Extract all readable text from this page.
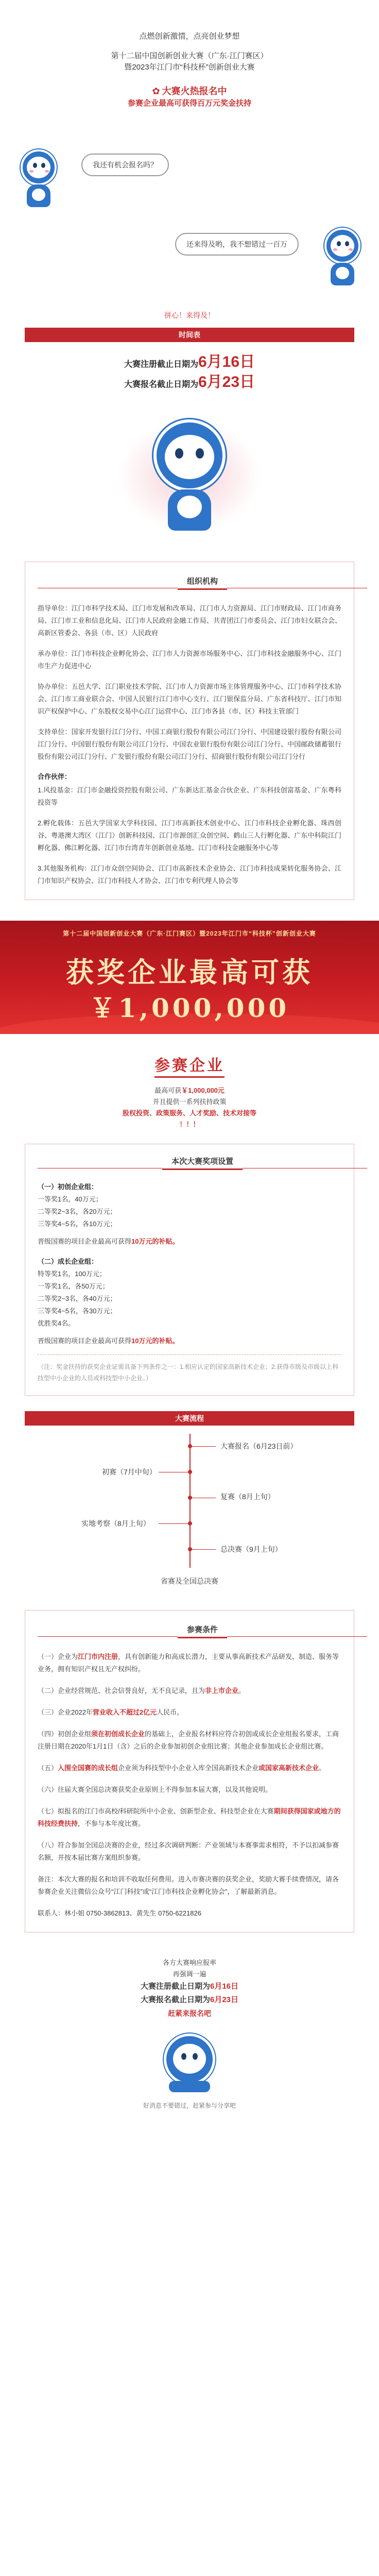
点燃创新激情，点亮创业梦想
第十二届中国创新创业大赛（广东·江门赛区）
暨2023年江门市“科技杯”创新创业大赛
✿ 大赛火热报名中
参赛企业最高可获得百万元奖金扶持
我还有机会报名吗？
还来得及哟，我不想错过一百万
拼心！来得及！
时间表
大赛注册截止日期为6月16日
大赛报名截止日期为6月23日
组织机构

指导单位：江门市科学技术局、江门市发展和改革局、江门市人力资源局、江门市财政局、江门市商务局、江门市工业和信息化局、江门市人民政府金融工作局、共青团江门市委员会、江门市妇女联合会、高新区管委会、各县（市、区）人民政府

承办单位：江门市科技企业孵化协会、江门市人力资源市场服务中心、江门市科技金融服务中心、江门市生产力促进中心

协办单位：五邑大学、江门职业技术学院、江门市人力资源市场主体管理服务中心、江门市科学技术协会、江门市工商业联合会、中国人民银行江门市中心支行、江门银保监分局、广东省科技厅、江门市知识产权保护中心、广东股权交易中心江门运营中心、江门市各县（市、区）科技主管部门

支持单位：国家开发银行江门分行、中国工商银行股份有限公司江门分行、中国建设银行股份有限公司江门分行、中国银行股份有限公司江门分行、中国农业银行股份有限公司江门分行、中国邮政储蓄银行股份有限公司江门分行、广发银行股份有限公司江门分行、招商银行股份有限公司江门分行

合作伙伴：

1.风投基金：江门市金融投资控股有限公司、广东新达汇基金合伙企业、广东科技创富基金、广东粤科投资等

2.孵化载体：五邑大学国家大学科技园、江门市高新技术创业中心、江门市科技企业孵化器、珠西创谷、粤港澳大湾区（江门）创新科技园、江门市源创汇众创空间、鹤山三人行孵化器、广东中科院江门孵化器、佛江孵化器、江门市台湾青年创新创业基地、江门市科技金融服务中心等

3.其他服务机构：江门市众创空间协会、江门市高新技术企业协会、江门市科技成果转化服务协会、江门市知识产权协会、江门市科技人才协会、江门市专利代理人协会等

第十二届中国创新创业大赛（广东·江门赛区）暨2023年江门市“科技杯”创新创业大赛
获奖企业最高可获
￥1,000,000
参赛企业
最高可获￥1,000,000元
并且提供一系列扶持政策
股权投资、政策服务、人才奖励、技术对接等
！！！
本次大赛奖项设置
（一）初创企业组：
一等奖1名，40万元；
二等奖2~3名，各20万元；
三等奖4~5名，各10万元；
晋级国赛的项目企业最高可获得10万元的补贴。
（二）成长企业组：
特等奖1名，100万元；
一等奖1名，各50万元；
二等奖2~3名，各40万元；
三等奖4~5名，各30万元；
优胜奖4名。
晋级国赛的项目企业最高可获得10万元的补贴。
（注：奖金扶持的获奖企业证需具备下列条件之一：1.相应认定的国家高新技术企业；2.获得市级及市级以上科技型中小企业的人员或科技型中小企业。）
大赛流程
大赛报名（6月23日前）
初赛（7月中旬）
复赛（8月上旬）
实地考察（8月上旬）
总决赛（9月上旬）
省赛及全国总决赛
参赛条件

（一）企业为江门市内注册，具有创新能力和高成长潜力，主要从事高新技术产品研发、制造、服务等业务，拥有知识产权且无产权纠纷。

（二）企业经营规范、社会信誉良好，无不良记录，且为非上市企业。

（三）企业2022年营业收入不超过2亿元人民币。

（四）初创企业组须在初创成长企业的基础上，企业报名材料应符合初创或成长企业组报名要求，工商注册日期在2020年1月1日（含）之后的企业参加初创企业组比赛；其他企业参加成长企业组比赛。

（五）入围全国赛的成长组企业须为科技型中小企业入库全国高新技术企业或国家高新技术企业。

（六）往届大赛全国总决赛获奖企业原则上不得参加本届大赛，以及其他说明。

（七）拟报名的江门市高校/科研院所中小企业、创新型企业、科技型企业在大赛期间获得国家或地方的科技经费扶持，不参与本年度比赛。

（八）符合参加全国总决赛的企业，经过多次调研判断：产业领域与本赛事需求相符，不予以扣减参赛名额，并按本届比赛方案组织参赛。

备注：本次大赛的报名和培训不收取任何费用。进入市赛决赛的获奖企业，奖励大赛手续费情况，请各参赛企业关注微信公众号“江门科技”或“江门市科技企业孵化协会”，了解最新消息。

联系人：林小姐 0750-3862813、黄先生 0750-6221826
各方大赛响应报率
再强调一遍
大赛注册截止日期为6月16日
大赛报名截止日期为6月23日
赶紧来报名吧
好消息不要错过，赶紧参与分享吧
